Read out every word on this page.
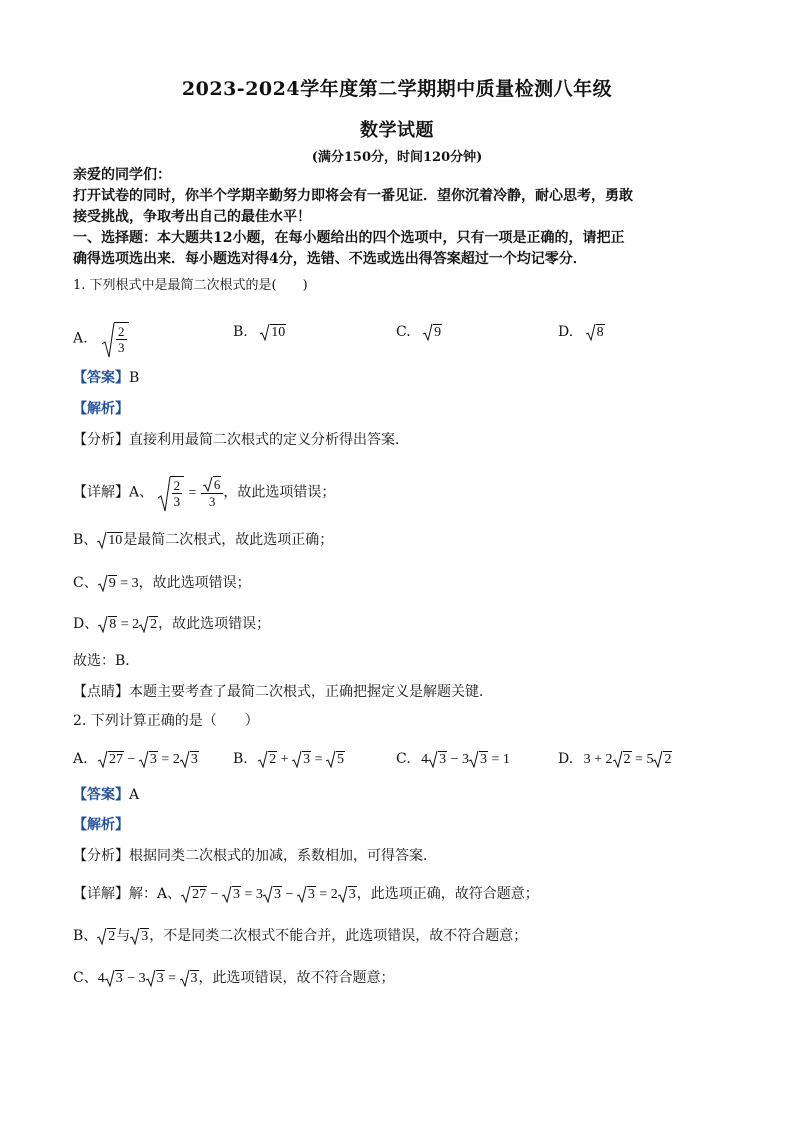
2023-2024学年度第二学期期中质量检测八年级
数学试题
(满分150分，时间120分钟)
亲爱的同学们：
打开试卷的同时，你半个学期辛勤努力即将会有一番见证．望你沉着冷静，耐心思考，勇敢
接受挑战，争取考出自己的最佳水平！
一、选择题：本大题共12小题，在每小题给出的四个选项中，只有一项是正确的，请把正
确得选项选出来．每小题选对得4分，选错、不选或选出得答案超过一个均记零分．
1. 下列根式中是最简二次根式的是(　　)
A. $\frac{2}{3}$	B. 10	C. 9	D. 8
【答案】B
【解析】
【分析】直接利用最简二次根式的定义分析得出答案．
【详解】A、 $\frac{2}{3} = \frac{6}{3}$ ，故此选项错误；
B、 10是最简二次根式，故此选项正确；
C、 9 = 3，故此选项错误；
D、 8 = 2 2，故此选项错误；
故选：B．
【点睛】本题主要考查了最简二次根式，正确把握定义是解题关键．
2. 下列计算正确的是（　　）
A. 27 −
3 = 2 3	B. 2 +
3 =
5	C. 4 3 − 3 3 = 1	D. 3 + 2 2 = 5 2
【答案】A
【解析】
【分析】根据同类二次根式的加减，系数相加，可得答案．
【详解】解：A、 27 −
3 = 3 3 −
3 = 2 3，此选项正确，故符合题意；
B、 2与 3，不是同类二次根式不能合并，此选项错误，故不符合题意；
C、4 3 − 3 3 =
3，此选项错误，故不符合题意；
